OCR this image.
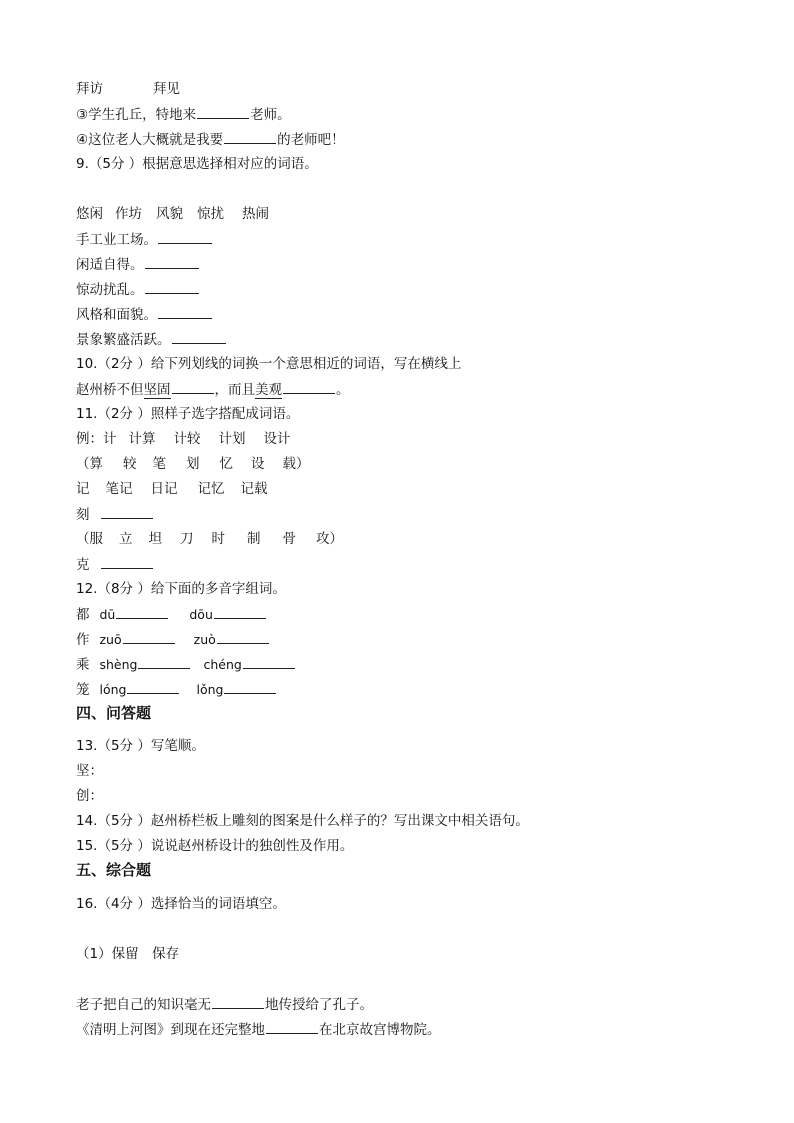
拜访	拜见
③学生孔丘，特地来	老师。
④这位老人大概就是我要	的老师吧！
9.（5分 ）根据意思选择相对应的词语。
悠闲 作坊 风貌 惊扰 热闹
手工业工场。
闲适自得。
惊动扰乱。
风格和面貌。
景象繁盛活跃。
10.（2分 ）给下列划线的词换一个意思相近的词语，写在横线上
赵州桥不但坚固	，而且美观	。
11.（2分 ）照样子选字搭配成词语。
例：计 计算 计较 计划 设计
（算 较 笔 划 忆 设 载）
记 笔记 日记 记忆 记载
刻
（服 立 坦 刀 时 制 骨 攻）
克
12.（8分 ）给下面的多音字组词。
都 dū	dōu
作 zuō	zuò
乘 shèng	chéng
笼 lóng	lǒng
四、问答题
13.（5分 ）写笔顺。
坚：
创：
14.（5分 ）赵州桥栏板上雕刻的图案是什么样子的？写出课文中相关语句。
15.（5分 ）说说赵州桥设计的独创性及作用。
五、综合题
16.（4分 ）选择恰当的词语填空。
（1）保留　保存
老子把自己的知识毫无	地传授给了孔子。
《清明上河图》到现在还完整地	在北京故宫博物院。
